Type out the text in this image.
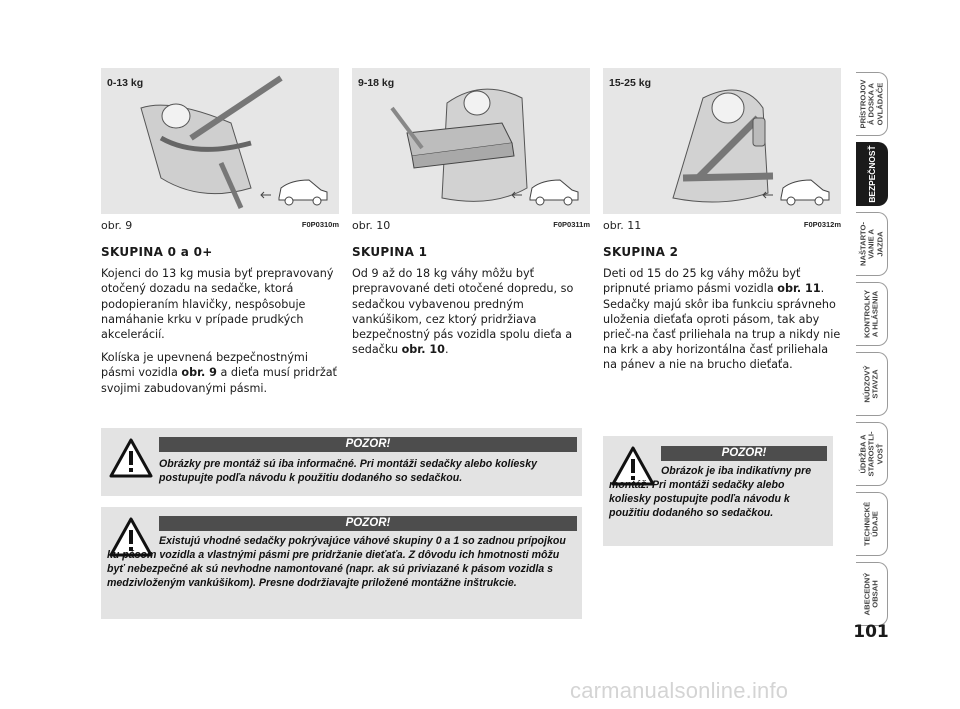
0-13 kg
obr. 9	F0P0310m
9-18 kg
obr. 10	F0P0311m
15-25 kg
obr. 11	F0P0312m
SKUPINA 0 a 0+

Kojenci do 13 kg musia byť prepravovaný otočený dozadu na sedačke, ktorá podopieraním hlavičky, nespôsobuje namáhanie krku v prípade prudkých akcelerácií.

Kolíska je upevnená bezpečnostnými pásmi vozidla obr. 9 a dieťa musí pridržať svojimi zabudovanými pásmi.

SKUPINA 1

Od 9 až do 18 kg váhy môžu byť prepravované deti otočené dopredu, so sedačkou vybavenou predným vankúšikom, cez ktorý pridržiava bezpečnostný pás vozidla spolu dieťa a sedačku obr. 10.

SKUPINA 2

Deti od 15 do 25 kg váhy môžu byť pripnuté priamo pásmi vozidla obr. 11. Sedačky majú skôr iba funkciu správneho uloženia dieťaťa oproti pásom, tak aby prieč-na časť priliehala na trup a nikdy nie na krk a aby horizontálna časť priliehala na pánev a nie na brucho dieťaťa.

POZOR!
Obrázky pre montáž sú iba informačné. Pri montáži sedačky alebo kolíesky postupujte podľa návodu k použitiu dodaného so sedačkou.
POZOR!
Existujú vhodné sedačky pokrývajúce váhové skupiny 0 a 1 so zadnou prípojkou ku pásom vozidla a vlastnými pásmi pre pridržanie dieťaťa. Z dôvodu ich hmotnosti môžu byť nebezpečné ak sú nevhodne namontované (napr. ak sú priviazané k pásom vozidla s medzivloženým vankúšikom). Presne dodržiavajte priložené montážne inštrukcie.
POZOR!
Obrázok je iba indikatívny pre montáž. Pri montáži sedačky alebo koliesky postupujte podľa návodu k použitiu dodaného so sedačkou.
PRÍSTROJOV
Á DOSKA A
OVLÁDAČE
BEZPEČNOSŤ
NAŠTARTO-
VANIE A
JAZDA
KONTROLKY
A HLÁSENIA
NÚDZOVÝ
STAVZA
ÚDRŽBA A
STAROSTLI-
VOSŤ
TECHNICKÉ
ÚDAJE
ABECEDNÝ
OBSAH
101
carmanualsonline.info
